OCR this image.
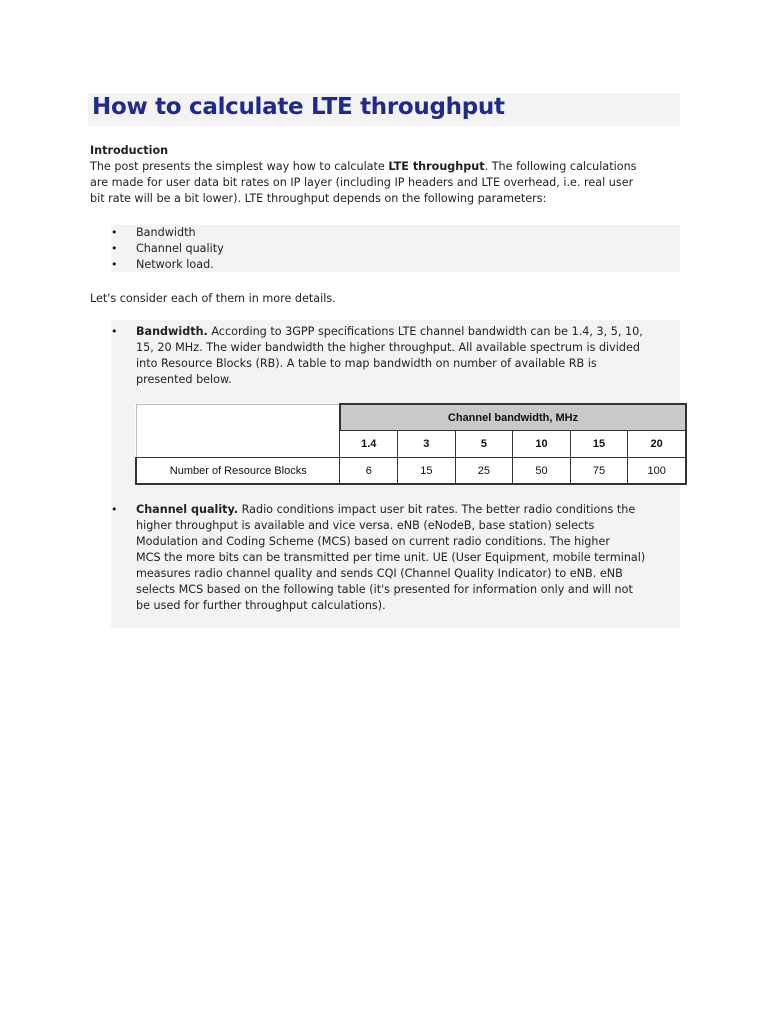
How to calculate LTE throughput
Introduction
The post presents the simplest way how to calculate LTE throughput. The following calculations
are made for user data bit rates on IP layer (including IP headers and LTE overhead, i.e. real user
bit rate will be a bit lower). LTE throughput depends on the following parameters:
•	Bandwidth
•	Channel quality
•	Network load.
Let's consider each of them in more details.
•	Bandwidth. According to 3GPP specifications LTE channel bandwidth can be 1.4, 3, 5, 10,
15, 20 MHz. The wider bandwidth the higher throughput. All available spectrum is divided
into Resource Blocks (RB). A table to map bandwidth on number of available RB is
presented below.
	Channel bandwidth, MHz					
	1.4	3	5	10	15	20
Number of Resource Blocks	6	15	25	50	75	100
•	Channel quality. Radio conditions impact user bit rates. The better radio conditions the
higher throughput is available and vice versa. eNB (eNodeB, base station) selects
Modulation and Coding Scheme (MCS) based on current radio conditions. The higher
MCS the more bits can be transmitted per time unit. UE (User Equipment, mobile terminal)
measures radio channel quality and sends CQI (Channel Quality Indicator) to eNB. eNB
selects MCS based on the following table (it's presented for information only and will not
be used for further throughput calculations).
